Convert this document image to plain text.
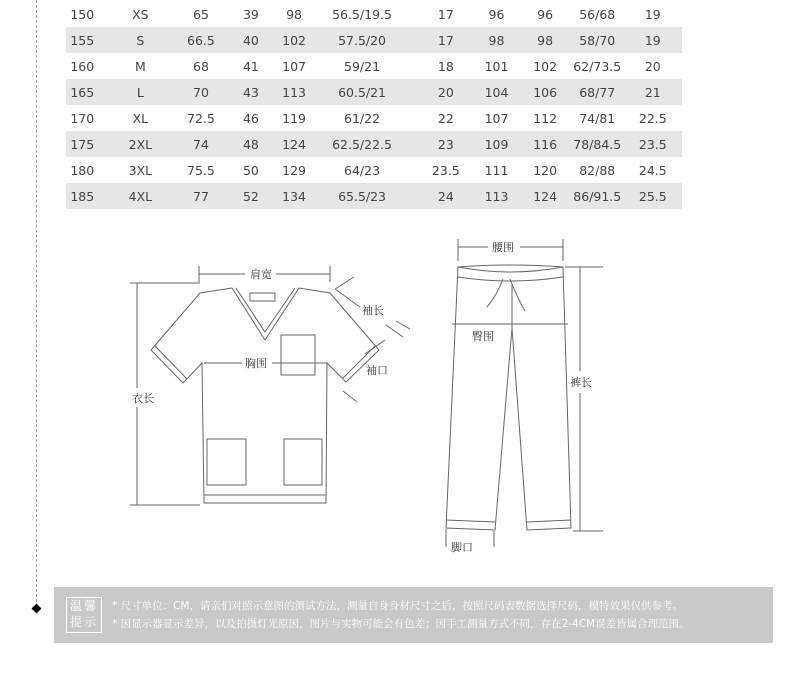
150	XS	65	39	98	56.5/19.5	17	96	96	56/68	19
155	S	66.5	40	102	57.5/20	17	98	98	58/70	19
160	M	68	41	107	59/21	18	101	102	62/73.5	20
165	L	70	43	113	60.5/21	20	104	106	68/77	21
170	XL	72.5	46	119	61/22	22	107	112	74/81	22.5
175	2XL	74	48	124	62.5/22.5	23	109	116	78/84.5	23.5
180	3XL	75.5	50	129	64/23	23.5	111	120	82/88	24.5
185	4XL	77	52	134	65.5/23	24	113	124	86/91.5	25.5
肩宽
袖长
胸围
袖口
衣长
腰围
臀围
裤长
脚口
温馨
提示
* 尺寸单位：CM，请亲们对照示意图的测试方法，测量自身身材尺寸之后，按照尺码表数据选择尺码，模特效果仅供参考。
* 因显示器显示差异，以及拍摄灯光原因，图片与实物可能会有色差；因手工测量方式不同，存在2-4CM误差皆属合理范围。
